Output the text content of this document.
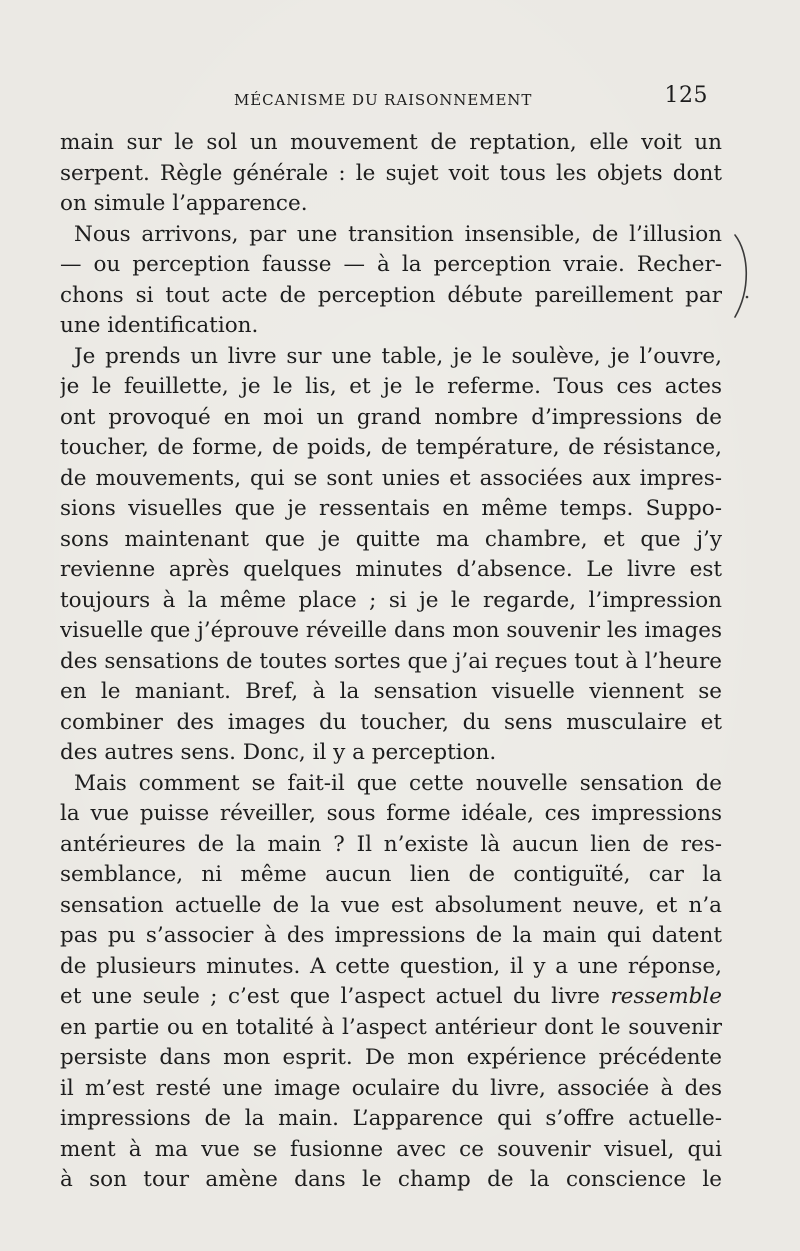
MÉCANISME DU RAISONNEMENT	125
main sur le sol un mouvement de reptation, elle voit un
serpent. Règle générale : le sujet voit tous les objets dont
on simule l’apparence.
Nous arrivons, par une transition insensible, de l’illusion
— ou perception fausse — à la perception vraie. Recher-
chons si tout acte de perception débute pareillement par
une identification.
Je prends un livre sur une table, je le soulève, je l’ouvre,
je le feuillette, je le lis, et je le referme. Tous ces actes
ont provoqué en moi un grand nombre d’impressions de
toucher, de forme, de poids, de température, de résistance,
de mouvements, qui se sont unies et associées aux impres-
sions visuelles que je ressentais en même temps. Suppo-
sons maintenant que je quitte ma chambre, et que j’y
revienne après quelques minutes d’absence. Le livre est
toujours à la même place ; si je le regarde, l’impression
visuelle que j’éprouve réveille dans mon souvenir les images
des sensations de toutes sortes que j’ai reçues tout à l’heure
en le maniant. Bref, à la sensation visuelle viennent se
combiner des images du toucher, du sens musculaire et
des autres sens. Donc, il y a perception.
Mais comment se fait-il que cette nouvelle sensation de
la vue puisse réveiller, sous forme idéale, ces impressions
antérieures de la main ? Il n’existe là aucun lien de res-
semblance, ni même aucun lien de contiguïté, car la
sensation actuelle de la vue est absolument neuve, et n’a
pas pu s’associer à des impressions de la main qui datent
de plusieurs minutes. A cette question, il y a une réponse,
et une seule ; c’est que l’aspect actuel du livre ressemble
en partie ou en totalité à l’aspect antérieur dont le souvenir
persiste dans mon esprit. De mon expérience précédente
il m’est resté une image oculaire du livre, associée à des
impressions de la main. L’apparence qui s’offre actuelle-
ment à ma vue se fusionne avec ce souvenir visuel, qui
à son tour amène dans le champ de la conscience le
